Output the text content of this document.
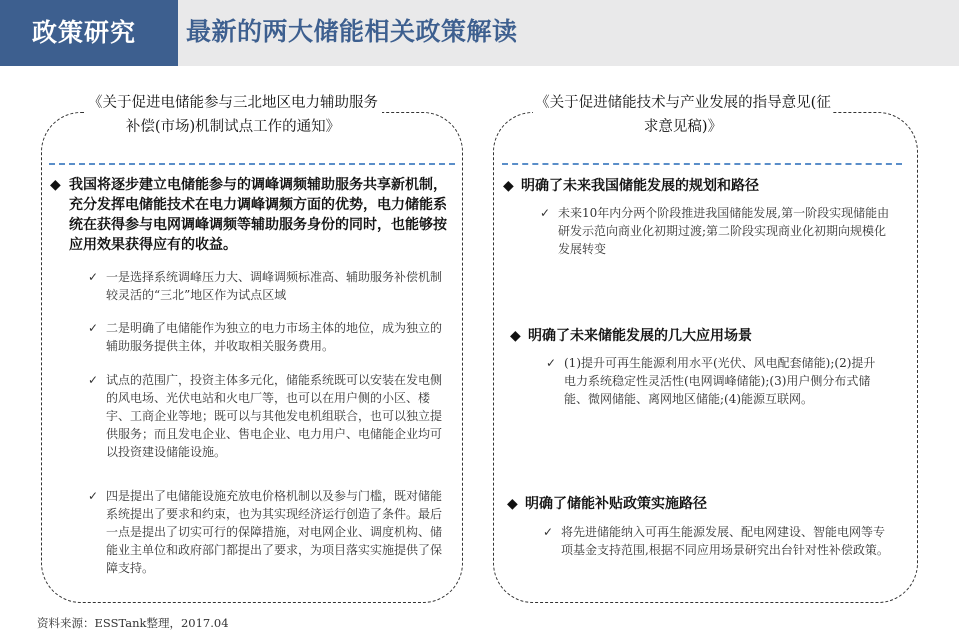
政策研究	最新的两大储能相关政策解读
《关于促进电储能参与三北地区电力辅助服务补偿(市场)机制试点工作的通知》
《关于促进储能技术与产业发展的指导意见(征求意见稿)》
◆ 我国将逐步建立电储能参与的调峰调频辅助服务共享新机制，充分发挥电储能技术在电力调峰调频方面的优势，电力储能系统在获得参与电网调峰调频等辅助服务身份的同时，也能够按应用效果获得应有的收益。
✓ 一是选择系统调峰压力大、调峰调频标准高、辅助服务补偿机制较灵活的“三北”地区作为试点区域
✓ 二是明确了电储能作为独立的电力市场主体的地位，成为独立的辅助服务提供主体，并收取相关服务费用。
✓ 试点的范围广，投资主体多元化，储能系统既可以安装在发电侧的风电场、光伏电站和火电厂等，也可以在用户侧的小区、楼宇、工商企业等地；既可以与其他发电机组联合，也可以独立提供服务；而且发电企业、售电企业、电力用户、电储能企业均可以投资建设储能设施。
✓ 四是提出了电储能设施充放电价格机制以及参与门槛，既对储能系统提出了要求和约束，也为其实现经济运行创造了条件。最后一点是提出了切实可行的保障措施，对电网企业、调度机构、储能业主单位和政府部门都提出了要求，为项目落实实施提供了保障支持。
◆ 明确了未来我国储能发展的规划和路径
✓ 未来10年内分两个阶段推进我国储能发展,第一阶段实现储能由研发示范向商业化初期过渡;第二阶段实现商业化初期向规模化发展转变
◆ 明确了未来储能发展的几大应用场景
✓ (1)提升可再生能源利用水平(光伏、风电配套储能);(2)提升电力系统稳定性灵活性(电网调峰储能);(3)用户侧分布式储能、微网储能、离网地区储能;(4)能源互联网。
◆ 明确了储能补贴政策实施路径
✓ 将先进储能纳入可再生能源发展、配电网建设、智能电网等专项基金支持范围,根据不同应用场景研究出台针对性补偿政策。
资料来源：ESSTank整理，2017.04
